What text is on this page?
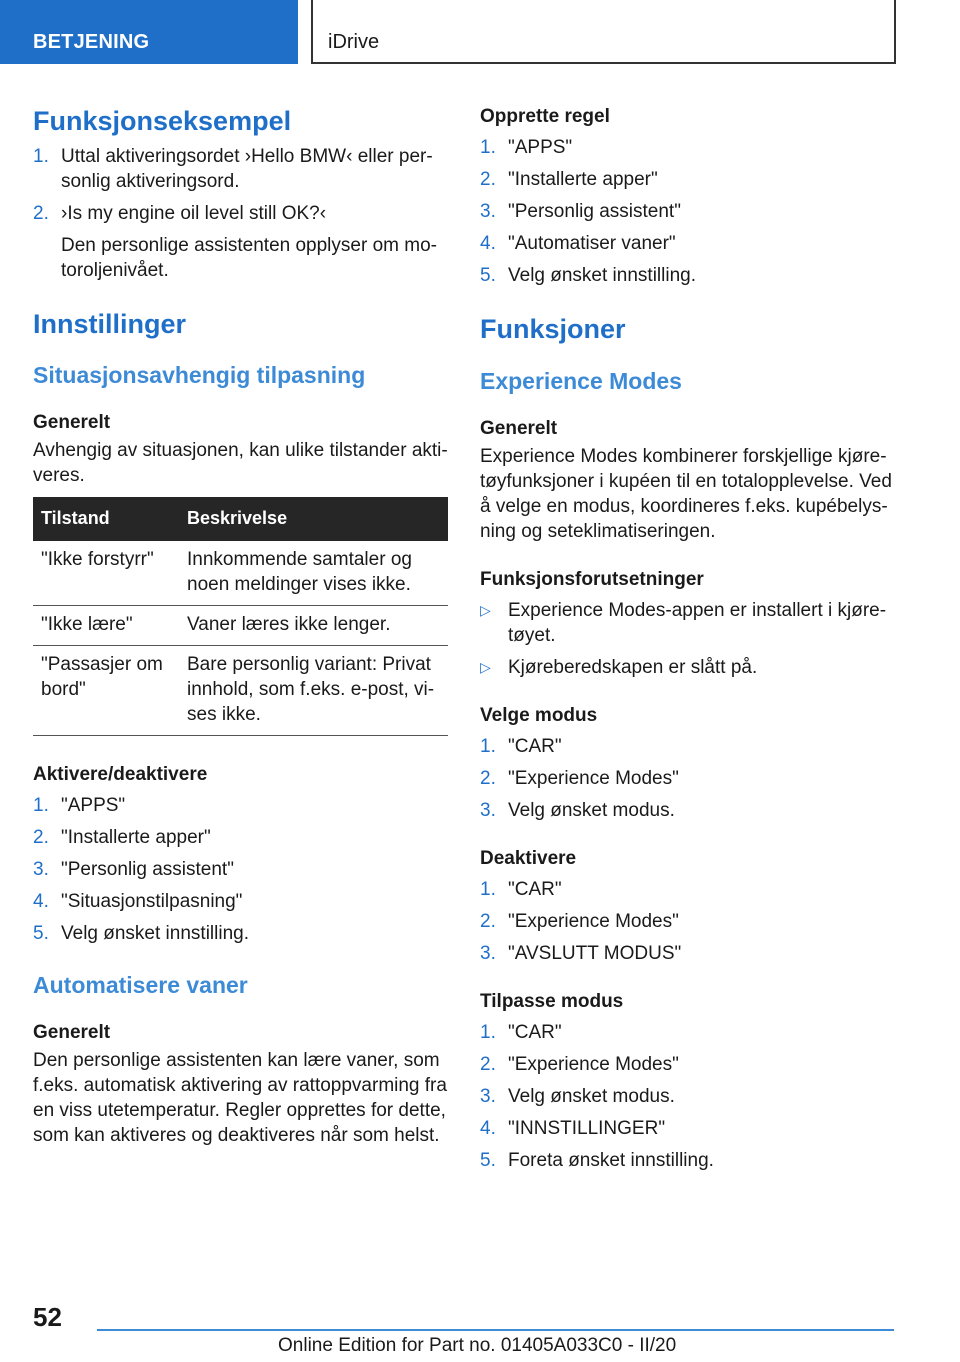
BETJENING	iDrive
Funksjonseksempel
1. Uttal aktiveringsordet ›Hello BMW‹ eller per-sonlig aktiveringsord.
2. ›Is my engine oil level still OK?‹
Den personlige assistenten opplyser om mo-toroljenivået.
Innstillinger
Situasjonsavhengig tilpasning
Generelt
Avhengig av situasjonen, kan ulike tilstander akti-veres.
Tilstand	Beskrivelse
"Ikke forstyrr"	Innkommende samtaler og noen meldinger vises ikke.
"Ikke lære"	Vaner læres ikke lenger.
"Passasjer om bord"	Bare personlig variant: Privat innhold, som f.eks. e-post, vi-ses ikke.
Aktivere/deaktivere
1. "APPS"
2. "Installerte apper"
3. "Personlig assistent"
4. "Situasjonstilpasning"
5. Velg ønsket innstilling.
Automatisere vaner
Generelt
Den personlige assistenten kan lære vaner, som f.eks. automatisk aktivering av rattoppvarming fra en viss utetemperatur. Regler opprettes for dette, som kan aktiveres og deaktiveres når som helst.
Opprette regel
1. "APPS"
2. "Installerte apper"
3. "Personlig assistent"
4. "Automatiser vaner"
5. Velg ønsket innstilling.
Funksjoner
Experience Modes
Generelt
Experience Modes kombinerer forskjellige kjøre-tøyfunksjoner i kupéen til en totalopplevelse. Ved å velge en modus, koordineres f.eks. kupébelys-ning og seteklimatiseringen.
Funksjonsforutsetninger
▷ Experience Modes-appen er installert i kjøre-tøyet.
▷ Kjøreberedskapen er slått på.
Velge modus
1. "CAR"
2. "Experience Modes"
3. Velg ønsket modus.
Deaktivere
1. "CAR"
2. "Experience Modes"
3. "AVSLUTT MODUS"
Tilpasse modus
1. "CAR"
2. "Experience Modes"
3. Velg ønsket modus.
4. "INNSTILLINGER"
5. Foreta ønsket innstilling.
52
Online Edition for Part no. 01405A033C0 - II/20
